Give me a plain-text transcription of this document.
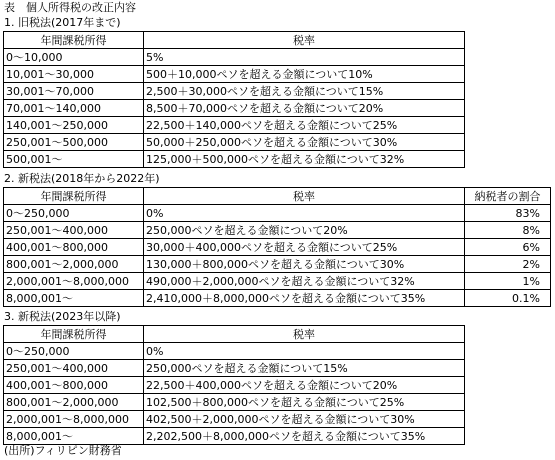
表　個人所得税の改正内容
1. 旧税法(2017年まで)
年間課税所得	税率
0～10,000	5%
10,001～30,000	500＋10,000ペソを超える金額について10%
30,001～70,000	2,500＋30,000ペソを超える金額について15%
70,001～140,000	8,500＋70,000ペソを超える金額について20%
140,001～250,000	22,500＋140,000ペソを超える金額について25%
250,001～500,000	50,000＋250,000ペソを超える金額について30%
500,001～	125,000＋500,000ペソを超える金額について32%
2. 新税法(2018年から2022年)
年間課税所得	税率	納税者の割合
0～250,000	0%	83%
250,001～400,000	250,000ペソを超える金額について20%	8%
400,001～800,000	30,000＋400,000ペソを超える金額について25%	6%
800,001～2,000,000	130,000＋800,000ペソを超える金額について30%	2%
2,000,001～8,000,000	490,000＋2,000,000ペソを超える金額について32%	1%
8,000,001～	2,410,000＋8,000,000ペソを超える金額について35%	0.1%
3. 新税法(2023年以降)
年間課税所得	税率
0～250,000	0%
250,001～400,000	250,000ペソを超える金額について15%
400,001～800,000	22,500＋400,000ペソを超える金額について20%
800,001～2,000,000	102,500＋800,000ペソを超える金額について25%
2,000,001～8,000,000	402,500＋2,000,000ペソを超える金額について30%
8,000,001～	2,202,500＋8,000,000ペソを超える金額について35%
(出所)フィリピン財務省
